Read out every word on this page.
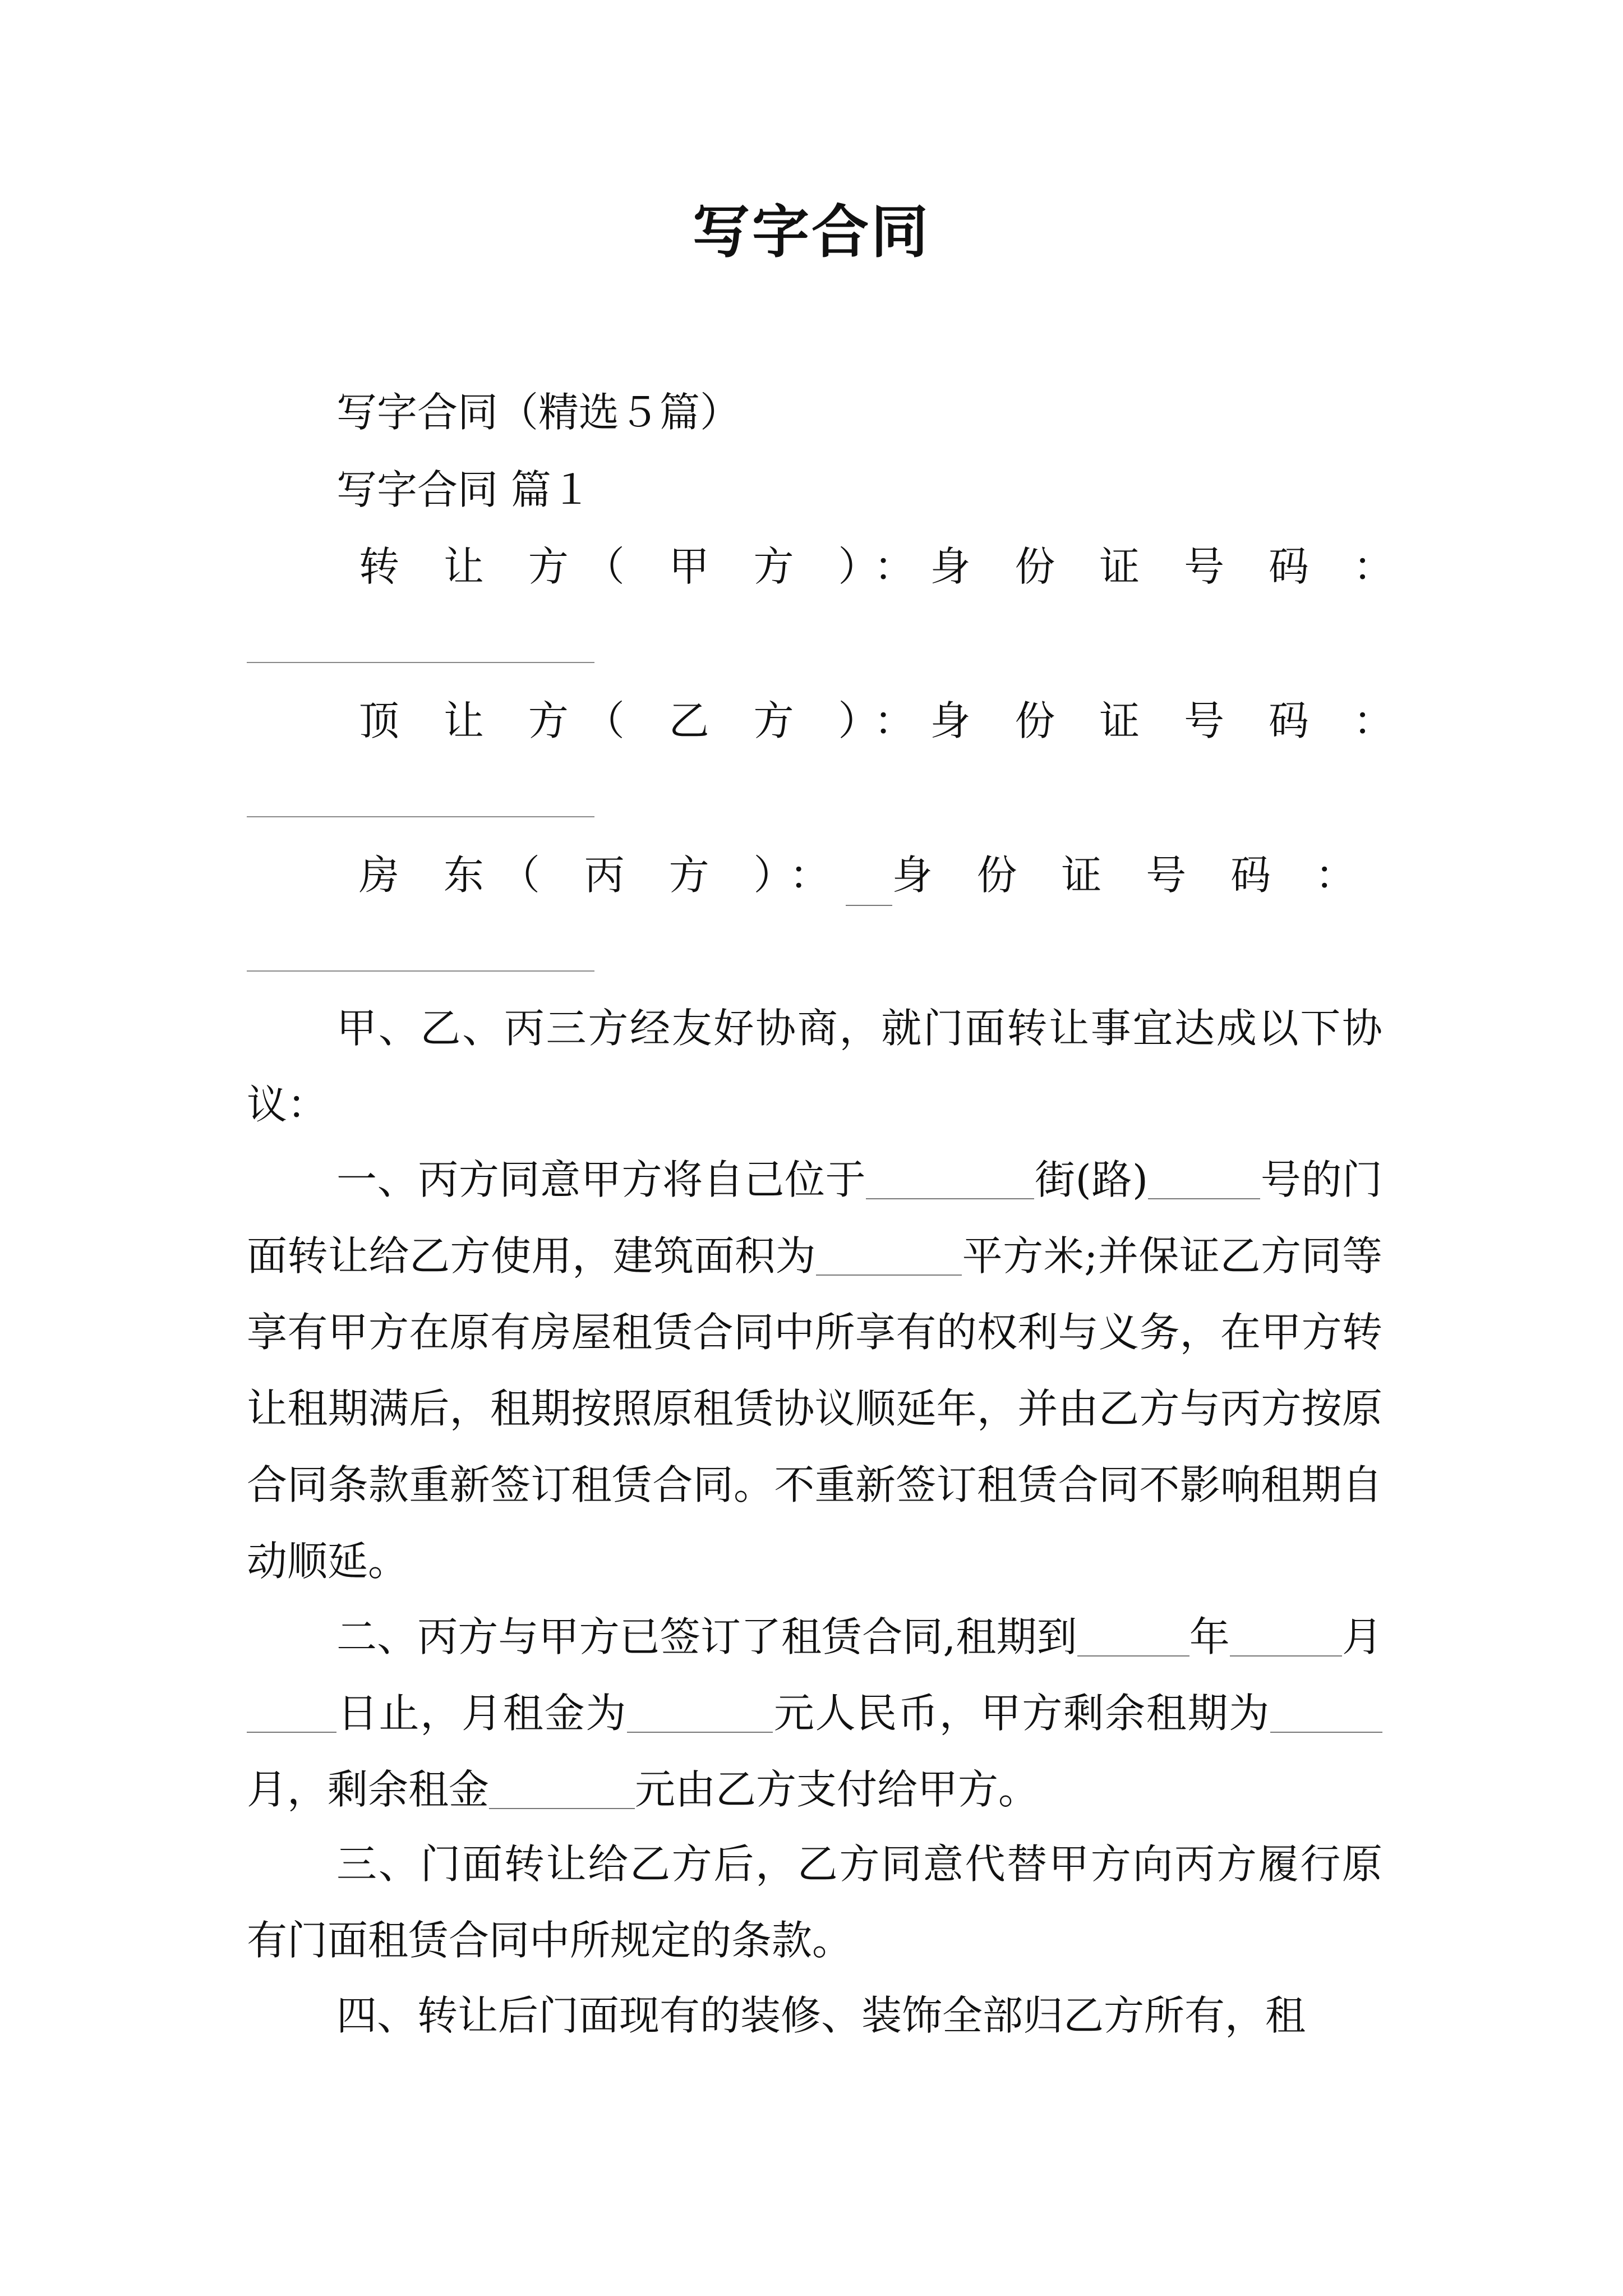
写字合同
写字合同（精选５篇）
写字合同 篇１
转 让 方（ 甲 方 ）： 身 份 证 号 码 ：
顶 让 方（ 乙 方 ）： 身 份 证 号 码 ：
房 东（ 丙 方 ）： 身 份 证 号 码 ：

甲、乙、丙三方经友好协商，就门面转让事宜达成以下协议：

一、丙方同意甲方将自己位于	街(路)	号的门面转让给乙方使用，建筑面积为	平方米;并保证乙方同等享有甲方在原有房屋租赁合同中所享有的权利与义务，在甲方转让租期满后，租期按照原租赁协议顺延年，并由乙方与丙方按原合同条款重新签订租赁合同。不重新签订租赁合同不影响租期自动顺延。

二、丙方与甲方已签订了租赁合同,租期到	年	月日止，月租金为	元人民币，甲方剩余租期为月，剩余租金	元由乙方支付给甲方。

三、门面转让给乙方后，乙方同意代替甲方向丙方履行原有门面租赁合同中所规定的条款。

四、转让后门面现有的装修、装饰全部归乙方所有，租
